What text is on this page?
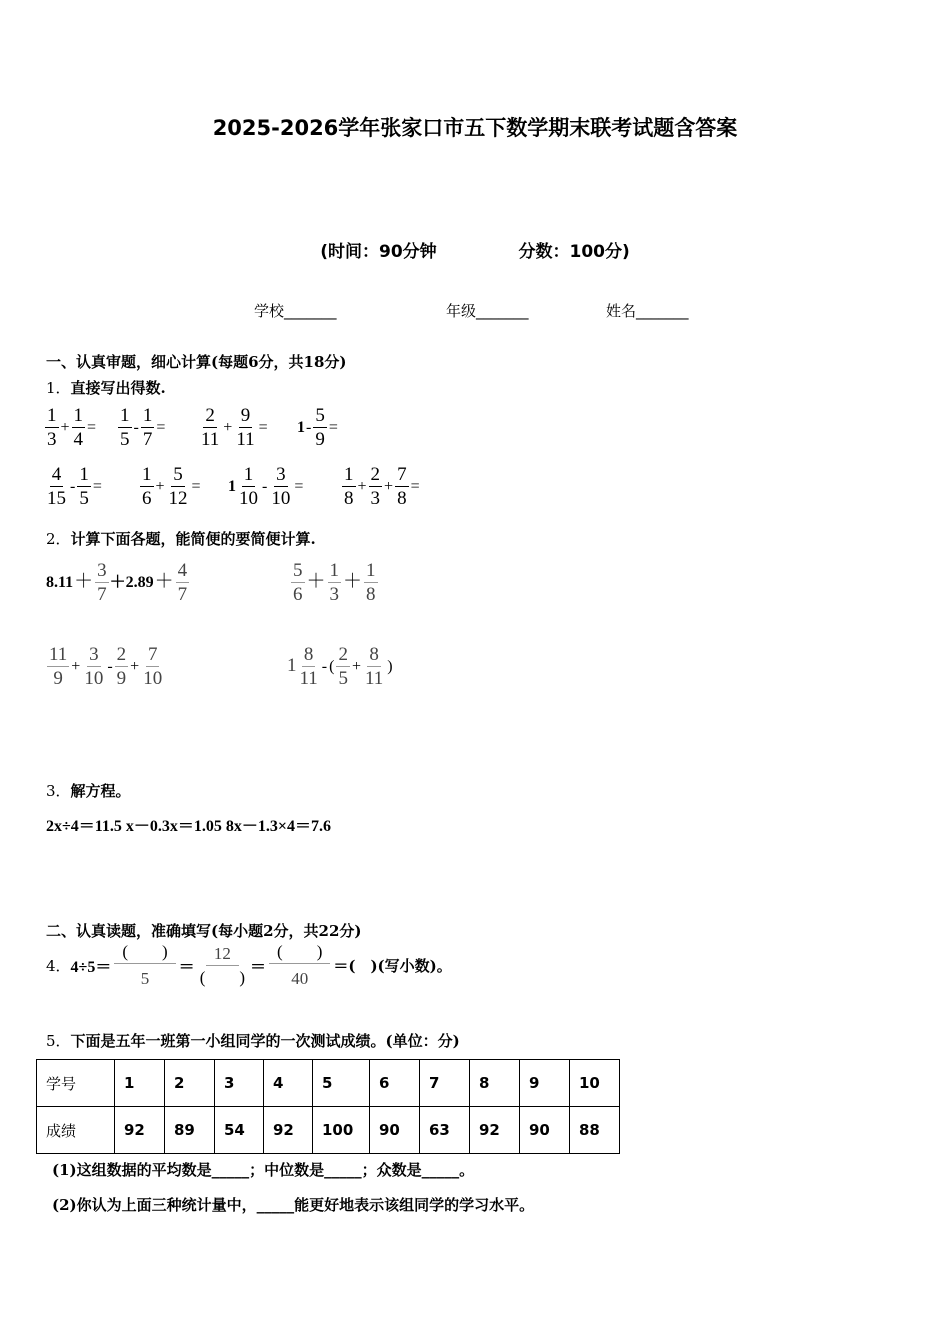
2025-2026学年张家口市五下数学期末联考试题含答案
(时间：90分钟	分数：100分)
学校_______	年级_______	姓名_______
一、认真审题，细心计算(每题6分，共18分)
1．直接写出得数.
$\frac{1}{3} + \frac{1}{4} = \frac{1}{5} - \frac{1}{7} = \frac{2}{11} + \frac{9}{11} = 1- \frac{5}{9}$ =
$\frac{4}{15} - \frac{1}{5} = \frac{1}{6} + \frac{5}{12} = 1 \frac{1}{10} - \frac{3}{10} = \frac{1}{8} + \frac{2}{3} + \frac{7}{8}$ =
2．计算下面各题，能简便的要简便计算.
$8.11+ \frac{3}{7} +2.89+ \frac{4}{7}$	$\frac{5}{6} + \frac{1}{3} + \frac{1}{8}$
$\frac{11}{9} + \frac{3}{10} - \frac{2}{9} + \frac{7}{10}$	$1 \frac{8}{11}$ - ( $\frac{2}{5} + \frac{8}{11}$ )
3．解方程。
2x÷4＝11.5 x－0.3x＝1.05 8x－1.3×4＝7.6
二、认真读题，准确填写(每小题2分，共22分)
4． $4\div 5= \frac{( )}{5} = \frac{12}{( )} = \frac{( )}{40}$ ＝(　)(写小数)。
5．下面是五年一班第一小组同学的一次测试成绩。(单位：分)
学号	1	2	3	4	5	6	7	8	9	10
成绩	92	89	54	92	100	90	63	92	90	88
(1)这组数据的平均数是_____；中位数是_____；众数是_____。
(2)你认为上面三种统计量中，_____能更好地表示该组同学的学习水平。
